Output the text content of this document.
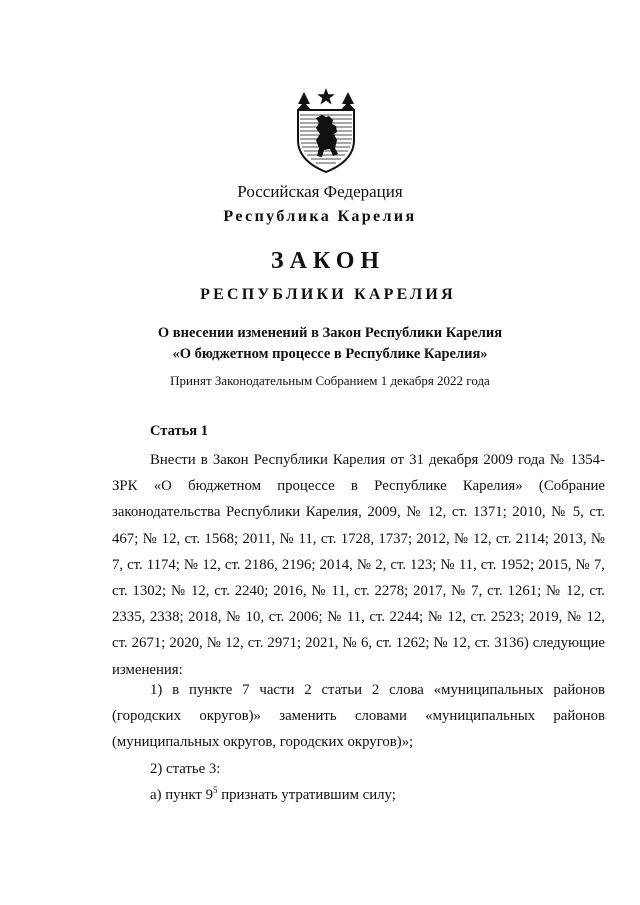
Российская Федерация
Республика Карелия
ЗАКОН
РЕСПУБЛИКИ КАРЕЛИЯ
О внесении изменений в Закон Республики Карелия
«О бюджетном процессе в Республике Карелия»
Принят Законодательным Собранием 1 декабря 2022 года
Статья 1
Внести в Закон Республики Карелия от 31 декабря 2009 года № 1354-ЗРК «О бюджетном процессе в Республике Карелия» (Собрание законодательства Республики Карелия, 2009, № 12, ст. 1371; 2010, № 5, ст. 467; № 12, ст. 1568; 2011, № 11, ст. 1728, 1737; 2012, № 12, ст. 2114; 2013, № 7, ст. 1174; № 12, ст. 2186, 2196; 2014, № 2, ст. 123; № 11, ст. 1952; 2015, № 7, ст. 1302; № 12, ст. 2240; 2016, № 11, ст. 2278; 2017, № 7, ст. 1261; № 12, ст. 2335, 2338; 2018, № 10, ст. 2006; № 11, ст. 2244; № 12, ст. 2523; 2019, № 12, ст. 2671; 2020, № 12, ст. 2971; 2021, № 6, ст. 1262; № 12, ст. 3136) следующие изменения:
1) в пункте 7 части 2 статьи 2 слова «муниципальных районов (городских округов)» заменить словами «муниципальных районов (муниципальных округов, городских округов)»;
2) статье 3:
а) пункт $9^5$ признать утратившим силу;
